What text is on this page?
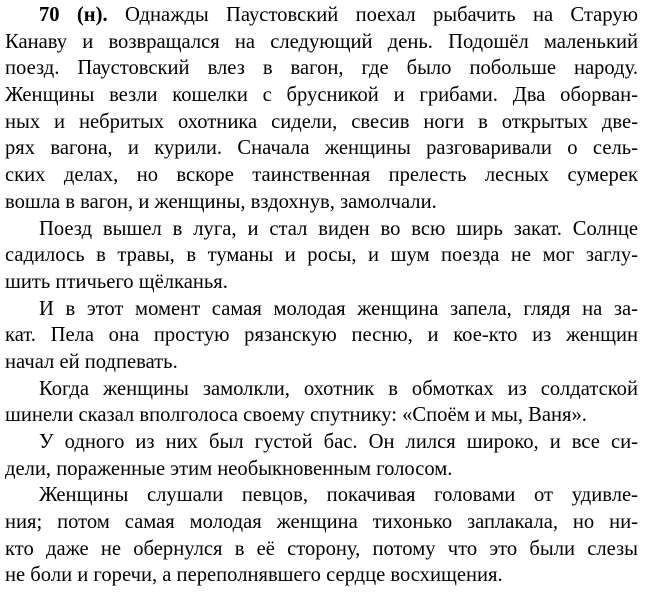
70 (н). Однажды Паустовский поехал рыбачить на Старую
Канаву и возвращался на следующий день. Подошёл маленький
поезд. Паустовский влез в вагон, где было побольше народу.
Женщины везли кошелки с брусникой и грибами. Два оборван-
ных и небритых охотника сидели, свесив ноги в открытых две-
рях вагона, и курили. Сначала женщины разговаривали о сель-
ских делах, но вскоре таинственная прелесть лесных сумерек
вошла в вагон, и женщины, вздохнув, замолчали.
Поезд вышел в луга, и стал виден во всю ширь закат. Солнце
садилось в травы, в туманы и росы, и шум поезда не мог заглу-
шить птичьего щёлканья.
И в этот момент самая молодая женщина запела, глядя на за-
кат. Пела она простую рязанскую песню, и кое-кто из женщин
начал ей подпевать.
Когда женщины замолкли, охотник в обмотках из солдатской
шинели сказал вполголоса своему спутнику: «Споём и мы, Ваня».
У одного из них был густой бас. Он лился широко, и все си-
дели, пораженные этим необыкновенным голосом.
Женщины слушали певцов, покачивая головами от удивле-
ния; потом самая молодая женщина тихонько заплакала, но ни-
кто даже не обернулся в её сторону, потому что это были слезы
не боли и горечи, а переполнявшего сердце восхищения.
